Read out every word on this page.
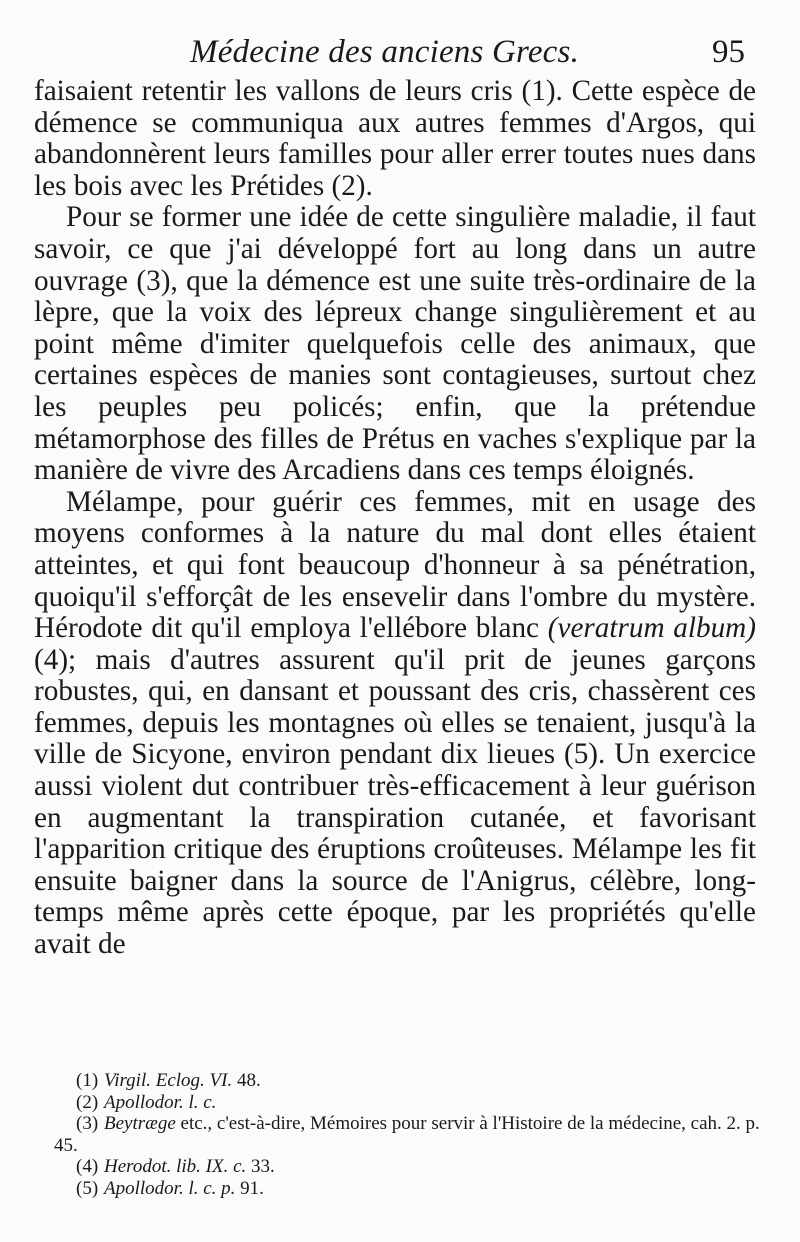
Médecine des anciens Grecs.	95

faisaient retentir les vallons de leurs cris (1). Cette espèce de démence se communiqua aux autres femmes d'Argos, qui abandonnèrent leurs familles pour aller errer toutes nues dans les bois avec les Prétides (2).

Pour se former une idée de cette singulière maladie, il faut savoir, ce que j'ai développé fort au long dans un autre ouvrage (3), que la démence est une suite très-ordinaire de la lèpre, que la voix des lépreux change singulièrement et au point même d'imiter quelquefois celle des animaux, que certaines espèces de manies sont contagieuses, surtout chez les peuples peu policés; enfin, que la prétendue métamorphose des filles de Prétus en vaches s'explique par la manière de vivre des Arcadiens dans ces temps éloignés.

Mélampe, pour guérir ces femmes, mit en usage des moyens conformes à la nature du mal dont elles étaient atteintes, et qui font beaucoup d'honneur à sa pénétration, quoiqu'il s'efforçât de les ensevelir dans l'ombre du mystère. Hérodote dit qu'il employa l'ellébore blanc (veratrum album) (4); mais d'autres assurent qu'il prit de jeunes garçons robustes, qui, en dansant et poussant des cris, chassèrent ces femmes, depuis les montagnes où elles se tenaient, jusqu'à la ville de Sicyone, environ pendant dix lieues (5). Un exercice aussi violent dut contribuer très-efficacement à leur guérison en augmentant la transpiration cutanée, et favorisant l'apparition critique des éruptions croûteuses. Mélampe les fit ensuite baigner dans la source de l'Anigrus, célèbre, long-temps même après cette époque, par les propriétés qu'elle avait de

(1) Virgil. Eclog. VI. 48.

(2) Apollodor. l. c.

(3) Beytræge etc., c'est-à-dire, Mémoires pour servir à l'Histoire de la médecine, cah. 2. p. 45.

(4) Herodot. lib. IX. c. 33.

(5) Apollodor. l. c. p. 91.
